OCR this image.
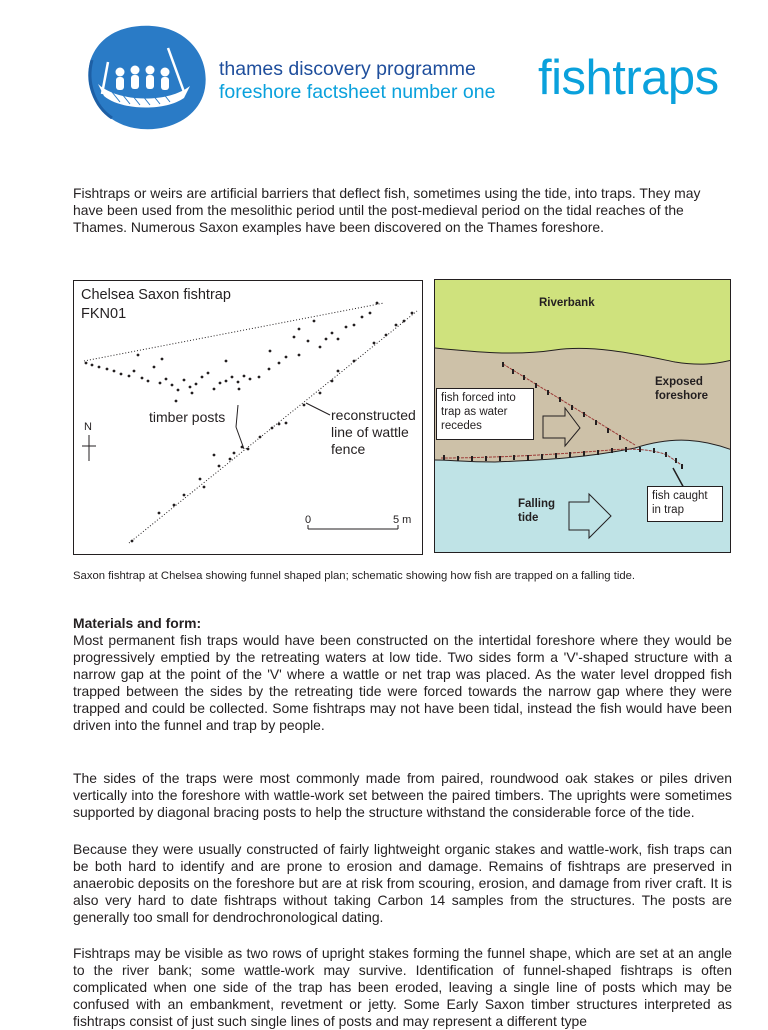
thames discovery programme
foreshore factsheet number one fishtraps
Fishtraps or weirs are artificial barriers that deflect fish, sometimes using the tide, into traps. They may have been used from the mesolithic period until the post-medieval period on the tidal reaches of the Thames. Numerous Saxon examples have been discovered on the Thames foreshore.
Chelsea Saxon fishtrap
FKN01
N
timber posts	reconstructed
line of wattle
fence
0	5 m
Riverbank
Exposed
foreshore
fish forced into
trap as water
recedes
Falling
tide
fish caught
in trap
Saxon fishtrap at Chelsea showing funnel shaped plan; schematic showing how fish are trapped on a falling tide.
Materials and form:
Most permanent fish traps would have been constructed on the intertidal foreshore where they would be progressively emptied by the retreating waters at low tide. Two sides form a 'V'-shaped structure with a narrow gap at the point of the 'V' where a wattle or net trap was placed. As the water level dropped fish trapped between the sides by the retreating tide were forced towards the narrow gap where they were trapped and could be collected. Some fishtraps may not have been tidal, instead the fish would have been driven into the funnel and trap by people.
The sides of the traps were most commonly made from paired, roundwood oak stakes or piles driven vertically into the foreshore with wattle-work set between the paired timbers. The uprights were sometimes supported by diagonal bracing posts to help the structure withstand the considerable force of the tide.
Because they were usually constructed of fairly lightweight organic stakes and wattle-work, fish traps can be both hard to identify and are prone to erosion and damage. Remains of fishtraps are preserved in anaerobic deposits on the foreshore but are at risk from scouring, erosion, and damage from river craft. It is also very hard to date fishtraps without taking Carbon 14 samples from the structures. The posts are generally too small for dendrochronological dating.
Fishtraps may be visible as two rows of upright stakes forming the funnel shape, which are set at an angle to the river bank; some wattle-work may survive. Identification of funnel-shaped fishtraps is often complicated when one side of the trap has been eroded, leaving a single line of posts which may be confused with an embankment, revetment or jetty. Some Early Saxon timber structures interpreted as fishtraps consist of just such single lines of posts and may represent a different type
